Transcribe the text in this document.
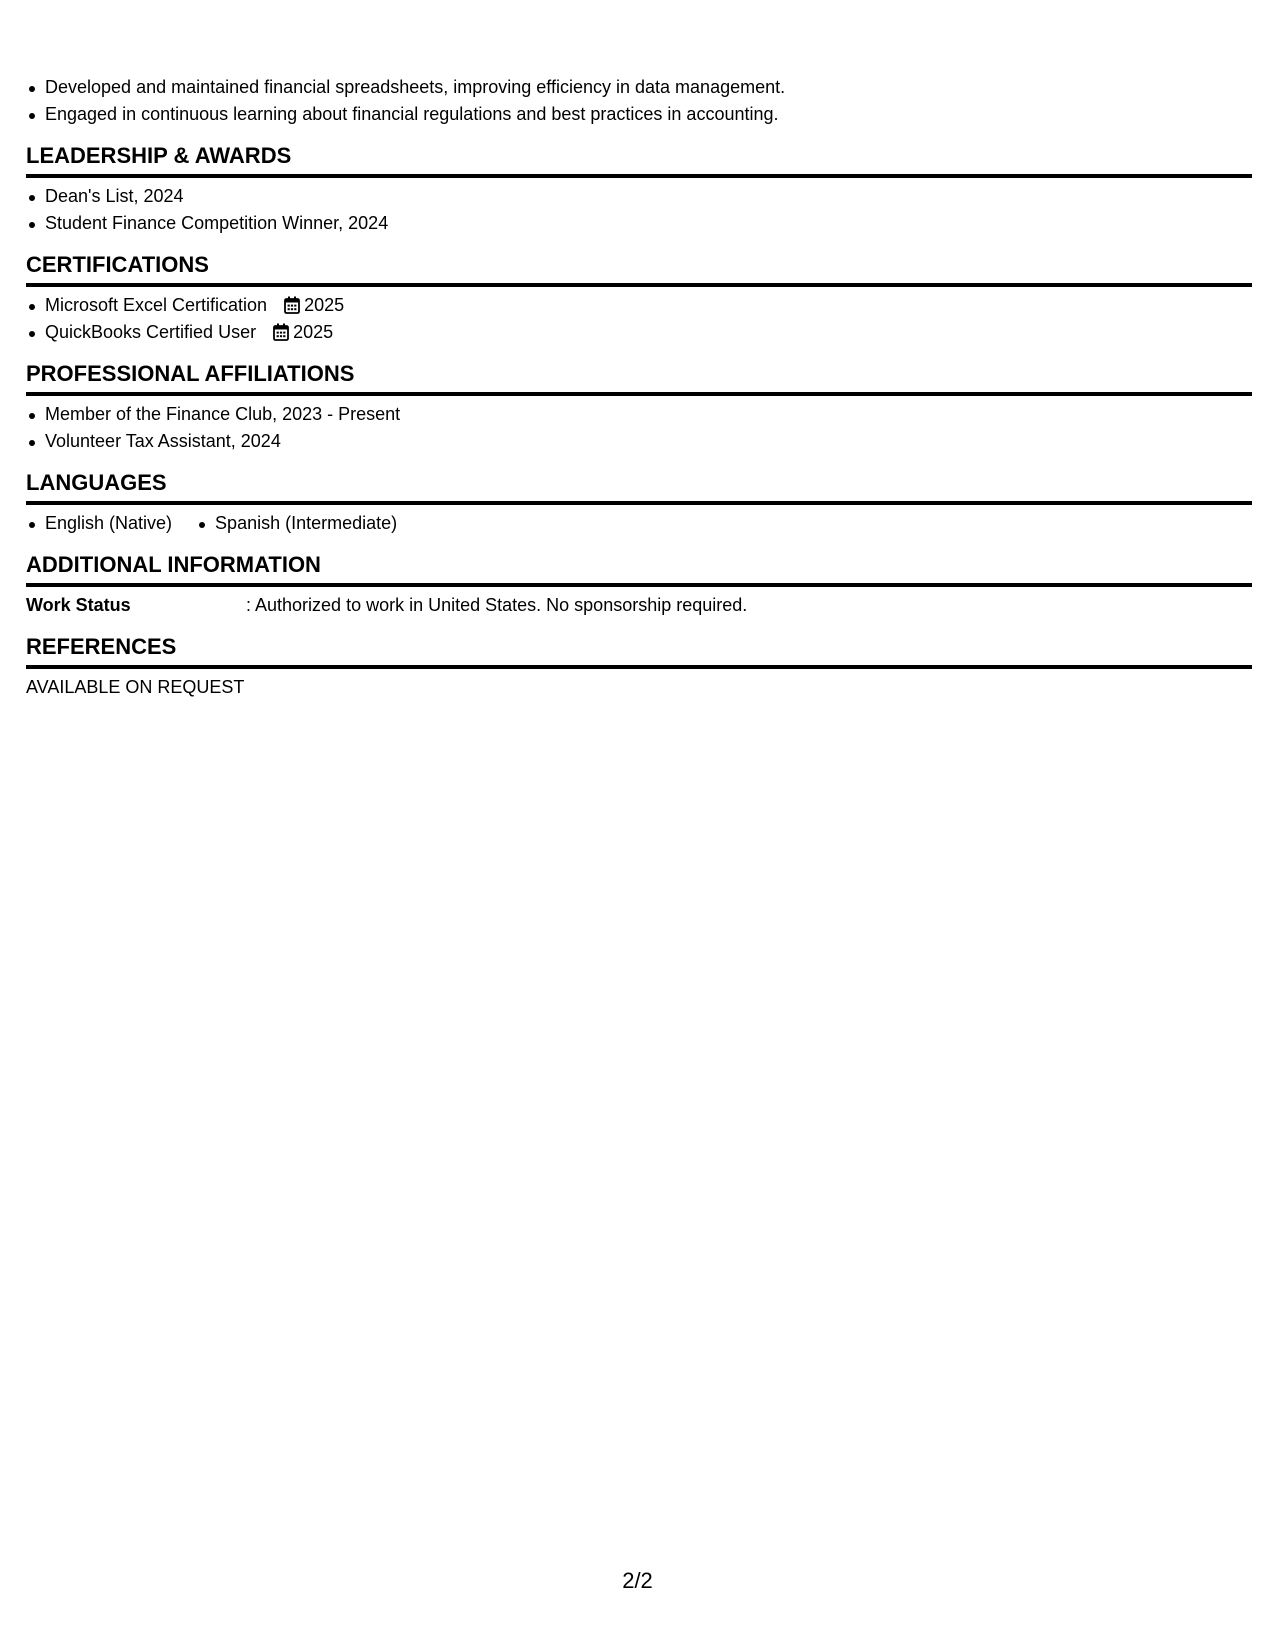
Developed and maintained financial spreadsheets, improving efficiency in data management.
Engaged in continuous learning about financial regulations and best practices in accounting.
LEADERSHIP & AWARDS
Dean's List, 2024
Student Finance Competition Winner, 2024
CERTIFICATIONS
Microsoft Excel Certification 2025
QuickBooks Certified User 2025
PROFESSIONAL AFFILIATIONS
Member of the Finance Club, 2023 - Present
Volunteer Tax Assistant, 2024
LANGUAGES
English (Native)	Spanish (Intermediate)
ADDITIONAL INFORMATION
Work Status	: Authorized to work in United States. No sponsorship required.
REFERENCES
AVAILABLE ON REQUEST
2/2
